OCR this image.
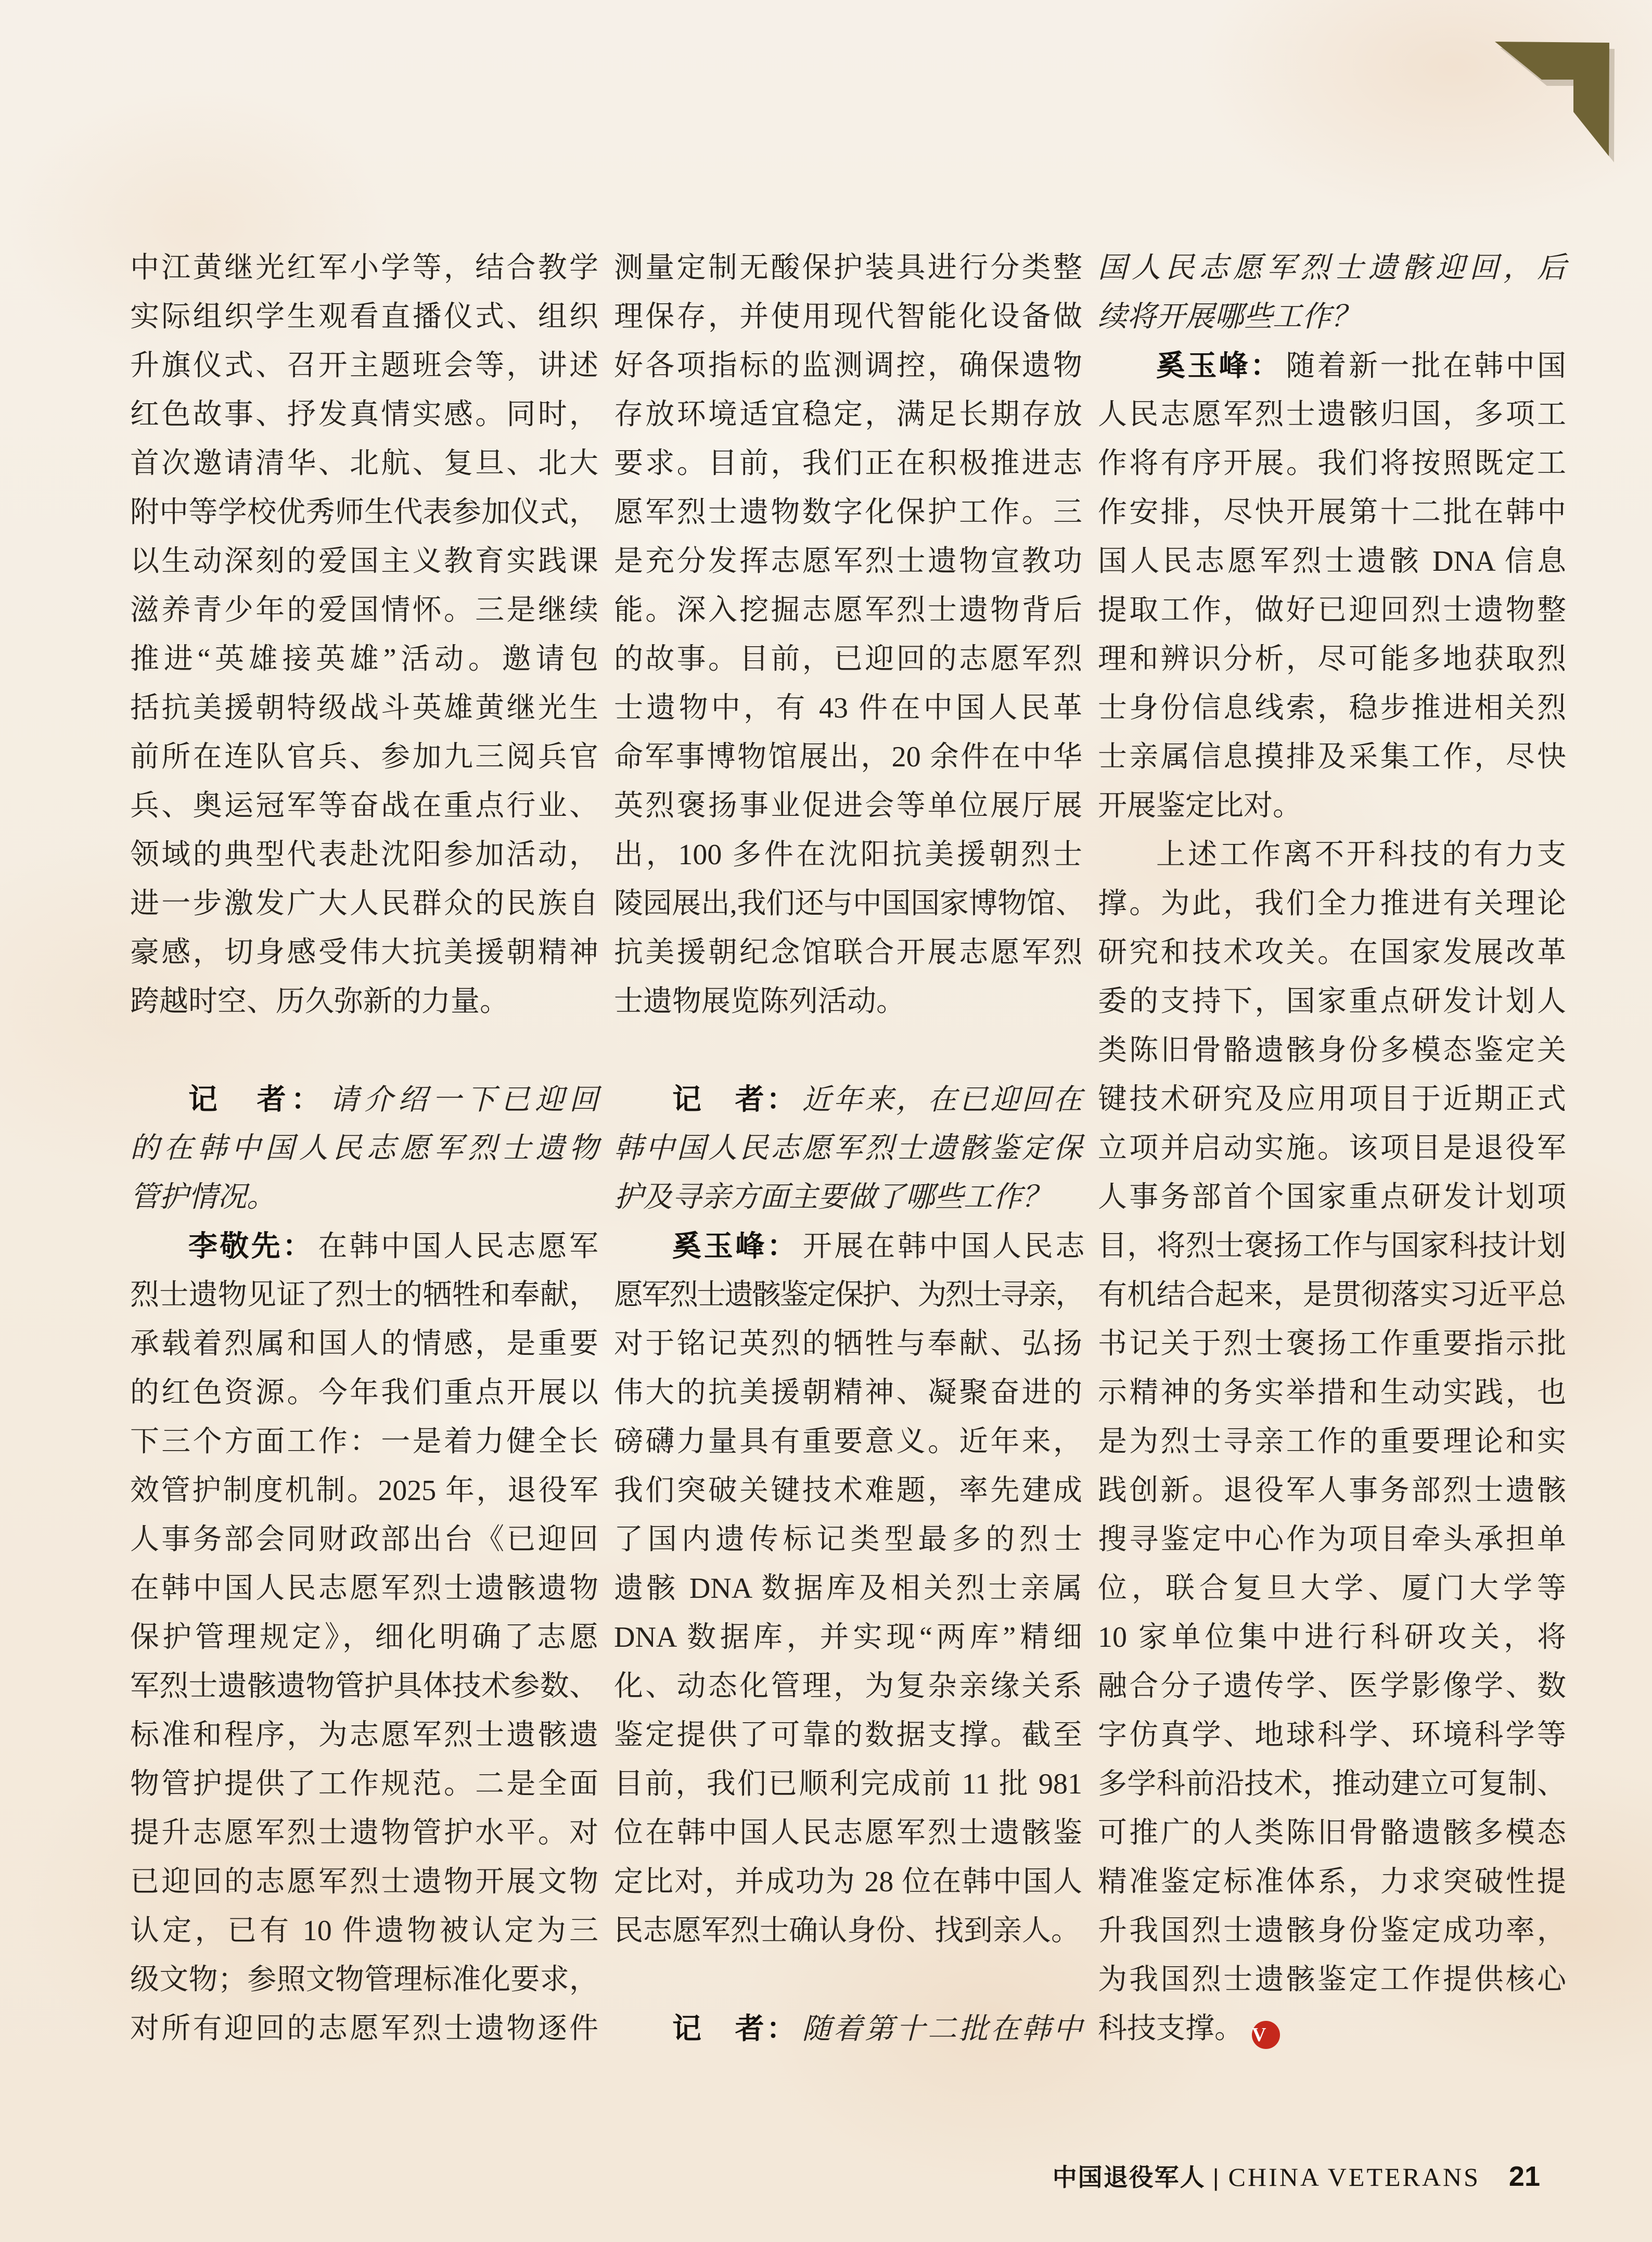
中江黄继光红军小学等，结合教学
实际组织学生观看直播仪式、组织
升旗仪式、召开主题班会等，讲述
红色故事、抒发真情实感。同时，
首次邀请清华、北航、复旦、北大
附中等学校优秀师生代表参加仪式，
以生动深刻的爱国主义教育实践课
滋养青少年的爱国情怀。三是继续
推进“英雄接英雄”活动。邀请包
括抗美援朝特级战斗英雄黄继光生
前所在连队官兵、参加九三阅兵官
兵、奥运冠军等奋战在重点行业、
领域的典型代表赴沈阳参加活动，
进一步激发广大人民群众的民族自
豪感，切身感受伟大抗美援朝精神
跨越时空、历久弥新的力量。
记　者： 请介绍一下已迎回
的在韩中国人民志愿军烈士遗物
管护情况。
李敬先： 在韩中国人民志愿军
烈士遗物见证了烈士的牺牲和奉献，
承载着烈属和国人的情感，是重要
的红色资源。今年我们重点开展以
下三个方面工作：一是着力健全长
效管护制度机制。2025 年，退役军
人事务部会同财政部出台《已迎回
在韩中国人民志愿军烈士遗骸遗物
保护管理规定》，细化明确了志愿
军烈士遗骸遗物管护具体技术参数、
标准和程序，为志愿军烈士遗骸遗
物管护提供了工作规范。二是全面
提升志愿军烈士遗物管护水平。对
已迎回的志愿军烈士遗物开展文物
认定，已有 10 件遗物被认定为三
级文物；参照文物管理标准化要求，
对所有迎回的志愿军烈士遗物逐件
测量定制无酸保护装具进行分类整
理保存，并使用现代智能化设备做
好各项指标的监测调控，确保遗物
存放环境适宜稳定，满足长期存放
要求。目前，我们正在积极推进志
愿军烈士遗物数字化保护工作。三
是充分发挥志愿军烈士遗物宣教功
能。深入挖掘志愿军烈士遗物背后
的故事。目前，已迎回的志愿军烈
士遗物中，有 43 件在中国人民革
命军事博物馆展出，20 余件在中华
英烈褒扬事业促进会等单位展厅展
出，100 多件在沈阳抗美援朝烈士
陵园展出,我们还与中国国家博物馆、
抗美援朝纪念馆联合开展志愿军烈
士遗物展览陈列活动。
记　者： 近年来，在已迎回在
韩中国人民志愿军烈士遗骸鉴定保
护及寻亲方面主要做了哪些工作？
奚玉峰： 开展在韩中国人民志
愿军烈士遗骸鉴定保护、为烈士寻亲，
对于铭记英烈的牺牲与奉献、弘扬
伟大的抗美援朝精神、凝聚奋进的
磅礴力量具有重要意义。近年来，
我们突破关键技术难题，率先建成
了国内遗传标记类型最多的烈士
遗骸 DNA 数据库及相关烈士亲属
DNA 数据库，并实现“两库”精细
化、动态化管理，为复杂亲缘关系
鉴定提供了可靠的数据支撑。截至
目前，我们已顺利完成前 11 批 981
位在韩中国人民志愿军烈士遗骸鉴
定比对，并成功为 28 位在韩中国人
民志愿军烈士确认身份、找到亲人。
记　者： 随着第十二批在韩中
国人民志愿军烈士遗骸迎回，后
续将开展哪些工作？
奚玉峰： 随着新一批在韩中国
人民志愿军烈士遗骸归国，多项工
作将有序开展。我们将按照既定工
作安排，尽快开展第十二批在韩中
国人民志愿军烈士遗骸 DNA 信息
提取工作，做好已迎回烈士遗物整
理和辨识分析，尽可能多地获取烈
士身份信息线索，稳步推进相关烈
士亲属信息摸排及采集工作，尽快
开展鉴定比对。
上述工作离不开科技的有力支
撑。为此，我们全力推进有关理论
研究和技术攻关。在国家发展改革
委的支持下，国家重点研发计划人
类陈旧骨骼遗骸身份多模态鉴定关
键技术研究及应用项目于近期正式
立项并启动实施。该项目是退役军
人事务部首个国家重点研发计划项
目，将烈士褒扬工作与国家科技计划
有机结合起来，是贯彻落实习近平总
书记关于烈士褒扬工作重要指示批
示精神的务实举措和生动实践，也
是为烈士寻亲工作的重要理论和实
践创新。退役军人事务部烈士遗骸
搜寻鉴定中心作为项目牵头承担单
位，联合复旦大学、厦门大学等
10 家单位集中进行科研攻关，将
融合分子遗传学、医学影像学、数
字仿真学、地球科学、环境科学等
多学科前沿技术，推动建立可复制、
可推广的人类陈旧骨骼遗骸多模态
精准鉴定标准体系，力求突破性提
升我国烈士遗骸身份鉴定成功率，
为我国烈士遗骸鉴定工作提供核心
科技支撑。 V
中国退役军人 | CHINA VETERANS 21
